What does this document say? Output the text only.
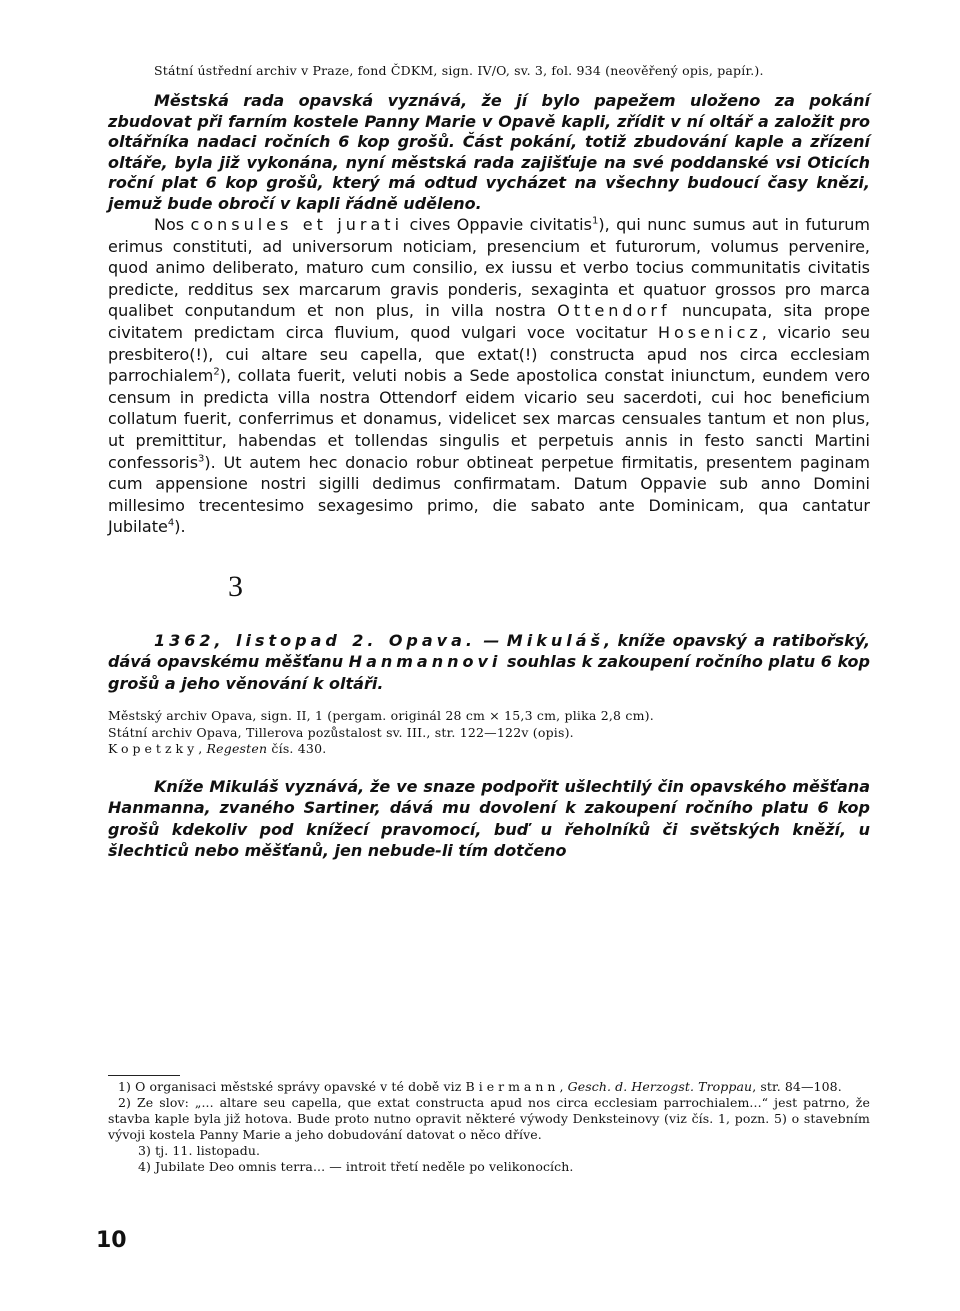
Státní ústřední archiv v Praze, fond ČDKM, sign. IV/O, sv. 3, fol. 934 (neověřený opis, papír.).

Městská rada opavská vyznává, že jí bylo papežem uloženo za pokání zbudovat při farním kostele Panny Marie v Opavě kapli, zřídit v ní oltář a založit pro oltářníka nadaci ročních 6 kop grošů. Část pokání, totiž zbudování kaple a zřízení oltáře, byla již vykonána, nyní městská rada zajišťuje na své poddanské vsi Oticích roční plat 6 kop grošů, který má odtud vycházet na všechny budoucí časy knězi, jemuž bude obročí v kapli řádně uděleno.

Nos consules et jurati cives Oppavie civitatis$^1$), qui nunc sumus aut in futurum erimus constituti, ad universorum noticiam, presencium et futurorum, volumus pervenire, quod animo deliberato, maturo cum consilio, ex iussu et verbo tocius communitatis civitatis predicte, redditus sex marcarum gravis ponderis, sexaginta et quatuor grossos pro marca qualibet conputandum et non plus, in villa nostra Ottendorf nuncupata, sita prope civitatem predictam circa fluvium, quod vulgari voce vocitatur Hosenicz, vicario seu presbitero(!), cui altare seu capella, que extat(!) constructa apud nos circa ecclesiam parrochialem$^2$), collata fuerit, veluti nobis a Sede apostolica constat iniunctum, eundem vero censum in predicta villa nostra Ottendorf eidem vicario seu sacerdoti, cui hoc beneficium collatum fuerit, conferrimus et donamus, videlicet sex marcas censuales tantum et non plus, ut premittitur, habendas et tollendas singulis et perpetuis annis in festo sancti Martini confessoris$^3$). Ut autem hec donacio robur obtineat perpetue firmitatis, presentem paginam cum appensione nostri sigilli dedimus confirmatam. Datum Oppavie sub anno Domini millesimo trecentesimo sexagesimo primo, die sabato ante Dominicam, qua cantatur Jubilate$^4$).

3

1362, listopad 2. Opava. — Mikuláš, kníže opavský a ratibořský, dává opavskému měšťanu Hanmannovi souhlas k zakoupení ročního platu 6 kop grošů a jeho věnování k oltáři.

Městský archiv Opava, sign. II, 1 (pergam. originál 28 cm × 15,3 cm, plika 2,8 cm).
Státní archiv Opava, Tillerova pozůstalost sv. III., str. 122—122v (opis).
Kopetzky, Regesten čís. 430.

Kníže Mikuláš vyznává, že ve snaze podpořit ušlechtilý čin opavského měšťana Hanmanna, zvaného Sartiner, dává mu dovolení k zakoupení ročního platu 6 kop grošů kdekoliv pod knížecí pravomocí, buď u řeholníků či světských kněží, u šlechticů nebo měšťanů, jen nebude-li tím dotčeno

1) O organisaci městské správy opavské v té době viz Biermann, Gesch. d. Herzogst. Troppau, str. 84—108.

2) Ze slov: „... altare seu capella, que extat constructa apud nos circa ecclesiam parrochialem...“ jest patrno, že stavba kaple byla již hotova. Bude proto nutno opravit některé výwody Denksteinovy (viz čís. 1, pozn. 5) o stavebním vývoji kostela Panny Marie a jeho dobudování datovat o něco dříve.

3) tj. 11. listopadu.

4) Jubilate Deo omnis terra... — introit třetí neděle po velikonocích.

10
